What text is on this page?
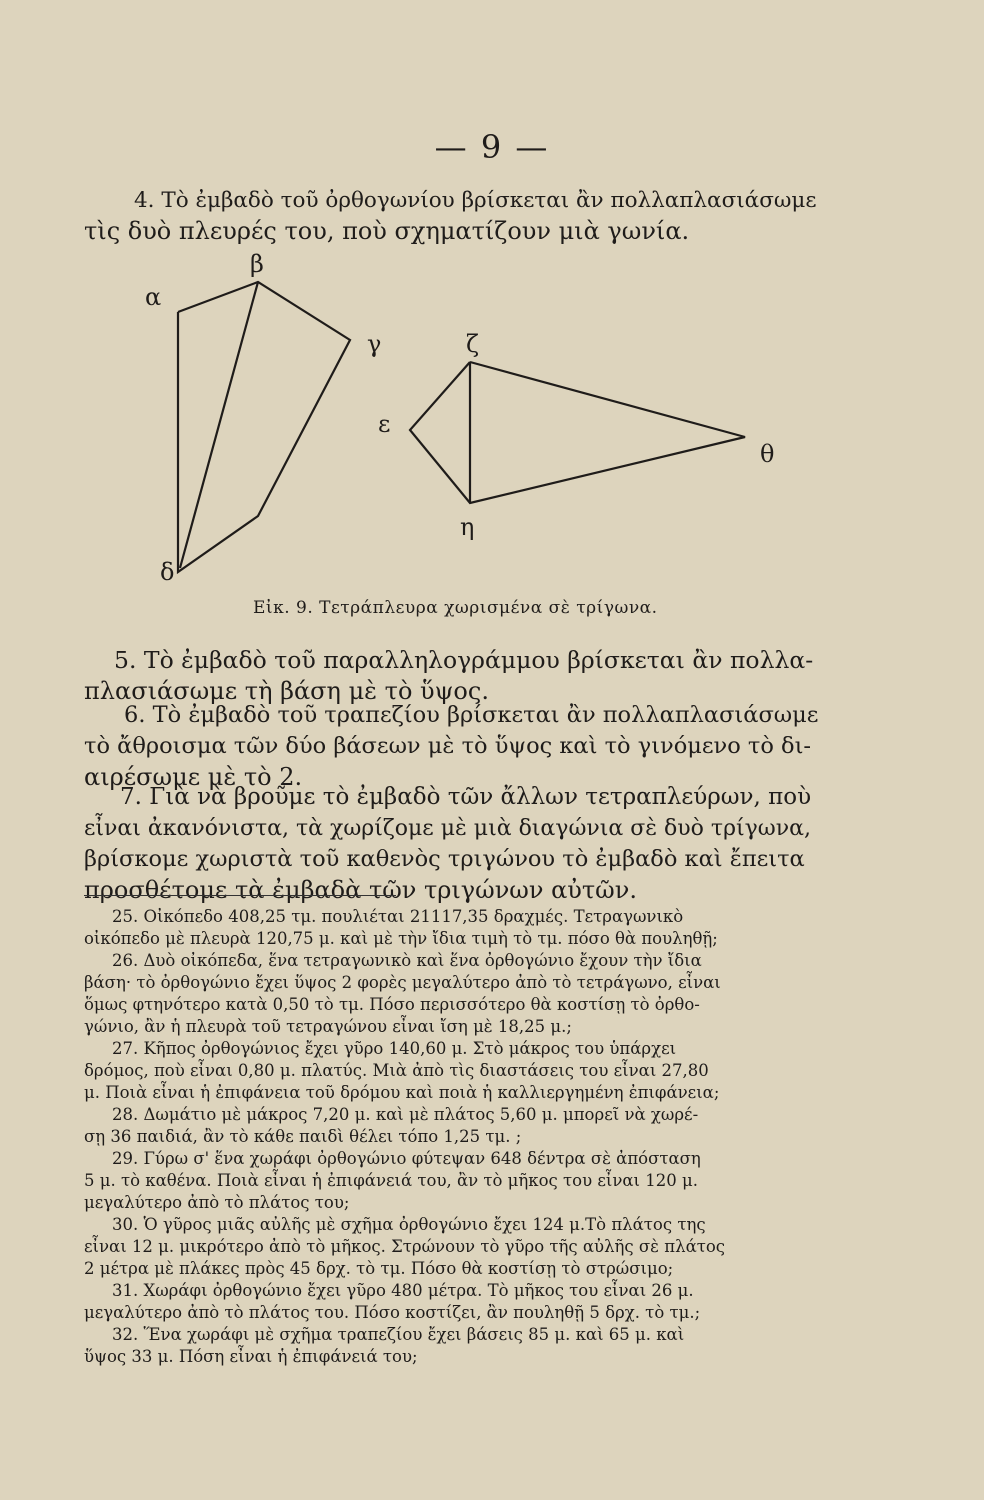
— 9 —
4. Τὸ ἐμβαδὸ τοῦ ὀρθογωνίου βρίσκεται ἂν πολλαπλασιάσωμε
τὶς δυὸ πλευρές του, ποὺ σχηματίζουν μιὰ γωνία.
α
β
γ
δ
ε
ζ
η
θ
Εἰκ. 9. Τετράπλευρα χωρισμένα σὲ τρίγωνα.
5. Τὸ ἐμβαδὸ τοῦ παραλληλογράμμου βρίσκεται ἂν πολλα-
πλασιάσωμε τὴ βάση μὲ τὸ ὕψος.
6. Τὸ ἐμβαδὸ τοῦ τραπεζίου βρίσκεται ἂν πολλαπλασιάσωμε
τὸ ἄθροισμα τῶν δύο βάσεων μὲ τὸ ὕψος καὶ τὸ γινόμενο τὸ δι-
αιρέσωμε μὲ τὸ 2.
7. Γιὰ νὰ βροῦμε τὸ ἐμβαδὸ τῶν ἄλλων τετραπλεύρων, ποὺ
εἶναι ἀκανόνιστα, τὰ χωρίζομε μὲ μιὰ διαγώνια σὲ δυὸ τρίγωνα,
βρίσκομε χωριστὰ τοῦ καθενὸς τριγώνου τὸ ἐμβαδὸ καὶ ἔπειτα
προσθέτομε τὰ ἐμβαδὰ τῶν τριγώνων αὐτῶν.
25. Οἰκόπεδο 408,25 τμ. πουλιέται 21117,35 δραχμές. Τετραγωνικὸ
οἰκόπεδο μὲ πλευρὰ 120,75 μ. καὶ μὲ τὴν ἴδια τιμὴ τὸ τμ. πόσο θὰ πουληθῇ;
26. Δυὸ οἰκόπεδα, ἕνα τετραγωνικὸ καὶ ἕνα ὀρθογώνιο ἔχουν τὴν ἴδια
βάση· τὸ ὀρθογώνιο ἔχει ὕψος 2 φορὲς μεγαλύτερο ἀπὸ τὸ τετράγωνο, εἶναι
ὅμως φτηνότερο κατὰ 0,50 τὸ τμ. Πόσο περισσότερο θὰ κοστίσῃ τὸ ὀρθο-
γώνιο, ἂν ἡ πλευρὰ τοῦ τετραγώνου εἶναι ἴση μὲ 18,25 μ.;
27. Κῆπος ὀρθογώνιος ἔχει γῦρο 140,60 μ. Στὸ μάκρος του ὑπάρχει
δρόμος, ποὺ εἶναι 0,80 μ. πλατύς. Μιὰ ἀπὸ τὶς διαστάσεις του εἶναι 27,80
μ. Ποιὰ εἶναι ἡ ἐπιφάνεια τοῦ δρόμου καὶ ποιὰ ἡ καλλιεργημένη ἐπιφάνεια;
28. Δωμάτιο μὲ μάκρος 7,20 μ. καὶ μὲ πλάτος 5,60 μ. μπορεῖ νὰ χωρέ-
σῃ 36 παιδιά, ἂν τὸ κάθε παιδὶ θέλει τόπο 1,25 τμ. ;
29. Γύρω σ' ἕνα χωράφι ὀρθογώνιο φύτεψαν 648 δέντρα σὲ ἀπόσταση
5 μ. τὸ καθένα. Ποιὰ εἶναι ἡ ἐπιφάνειά του, ἂν τὸ μῆκος του εἶναι 120 μ.
μεγαλύτερο ἀπὸ τὸ πλάτος του;
30. Ὁ γῦρος μιᾶς αὐλῆς μὲ σχῆμα ὀρθογώνιο ἔχει 124 μ.Τὸ πλάτος της
εἶναι 12 μ. μικρότερο ἀπὸ τὸ μῆκος. Στρώνουν τὸ γῦρο τῆς αὐλῆς σὲ πλάτος
2 μέτρα μὲ πλάκες πρὸς 45 δρχ. τὸ τμ. Πόσο θὰ κοστίσῃ τὸ στρώσιμο;
31. Χωράφι ὀρθογώνιο ἔχει γῦρο 480 μέτρα. Τὸ μῆκος του εἶναι 26 μ.
μεγαλύτερο ἀπὸ τὸ πλάτος του. Πόσο κοστίζει, ἂν πουληθῇ 5 δρχ. τὸ τμ.;
32. Ἕνα χωράφι μὲ σχῆμα τραπεζίου ἔχει βάσεις 85 μ. καὶ 65 μ. καὶ
ὕψος 33 μ. Πόση εἶναι ἡ ἐπιφάνειά του;
